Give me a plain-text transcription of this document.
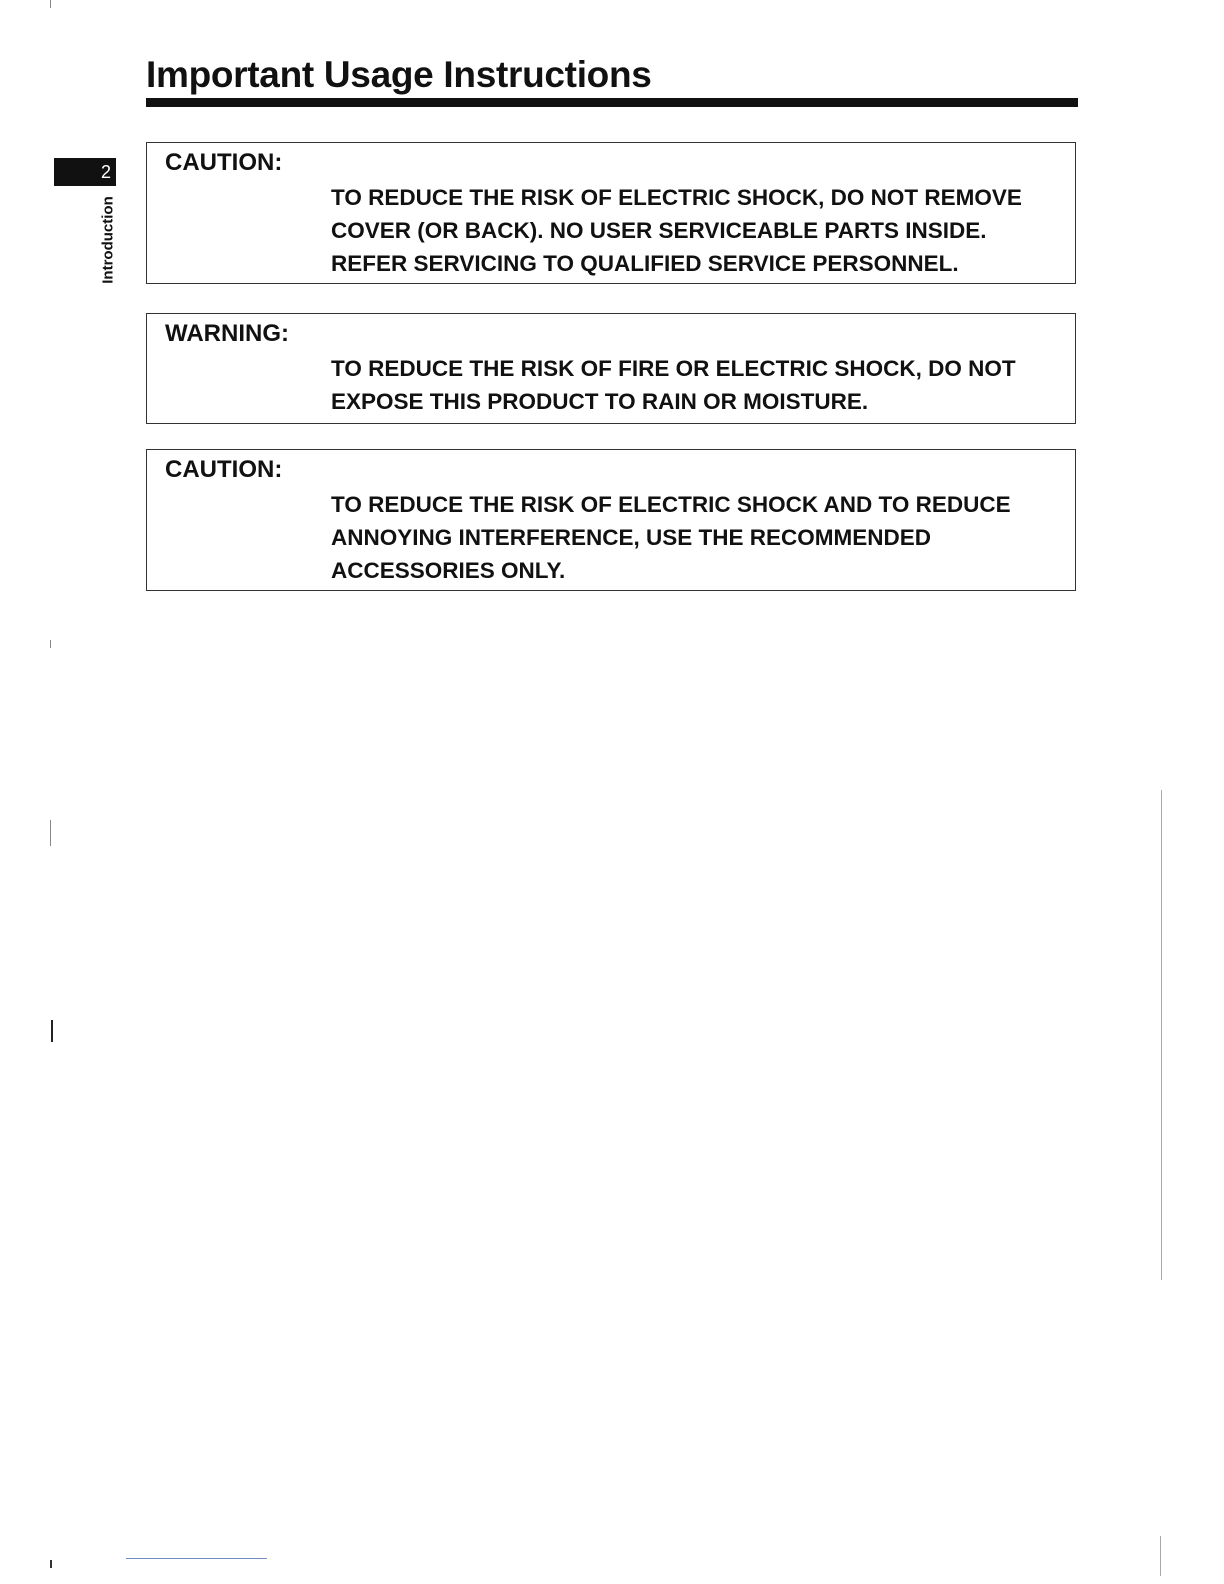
Important Usage Instructions
2
Introduction
CAUTION:

TO REDUCE THE RISK OF ELECTRIC SHOCK, DO NOT REMOVE
COVER (OR BACK). NO USER SERVICEABLE PARTS INSIDE.
REFER SERVICING TO QUALIFIED SERVICE PERSONNEL.

WARNING:

TO REDUCE THE RISK OF FIRE OR ELECTRIC SHOCK, DO NOT
EXPOSE THIS PRODUCT TO RAIN OR MOISTURE.

CAUTION:

TO REDUCE THE RISK OF ELECTRIC SHOCK AND TO REDUCE
ANNOYING INTERFERENCE, USE THE RECOMMENDED
ACCESSORIES ONLY.
